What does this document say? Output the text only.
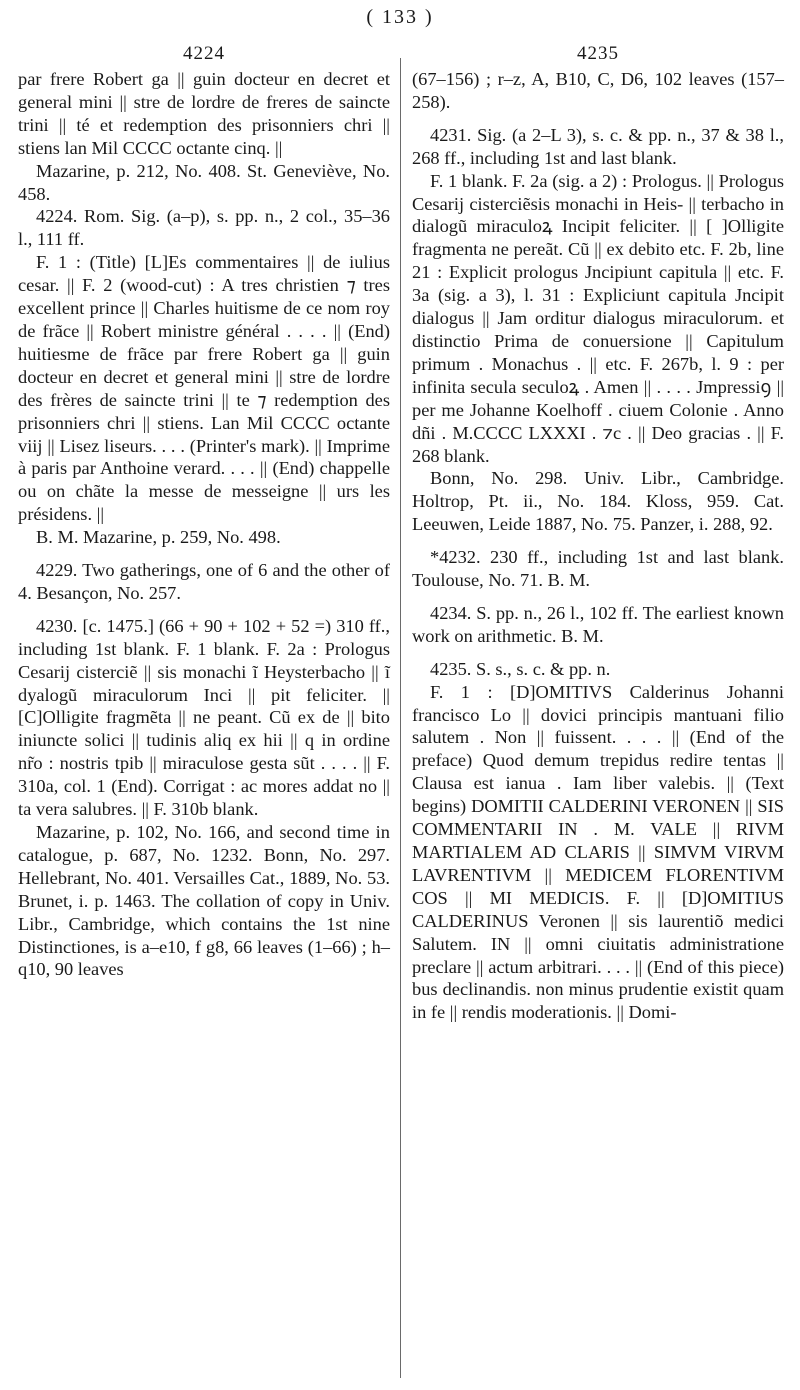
( 133 )
4224

par frere Robert ga || guin docteur en decret et general mini || stre de lordre de freres de saincte trini || té et redemption des prisonniers chri || stiens lan Mil CCCC octante cinq. ||

Mazarine, p. 212, No. 408. St. Geneviève, No. 458.

4224. Rom. Sig. (a–p), s. pp. n., 2 col., 35–36 l., 111 ff.

F. 1 : (Title) [L]Es commentaires || de iulius cesar. || F. 2 (wood-cut) : A tres christien ⁊ tres excellent prince || Charles huitisme de ce nom roy de frãce || Robert ministre général . . . . || (End) huitiesme de frãce par frere Robert ga || guin docteur en decret et general mini || stre de lordre des frères de saincte trini || te ⁊ redemption des prisonniers chri || stiens. Lan Mil CCCC octante viij || Lisez liseurs. . . . (Printer's mark). || Imprime à paris par Anthoine verard. . . . || (End) chappelle ou on chãte la messe de messeigne || urs les présidens. ||

B. M. Mazarine, p. 259, No. 498.

4229. Two gatherings, one of 6 and the other of 4. Besançon, No. 257.

4230. [c. 1475.] (66 + 90 + 102 + 52 =) 310 ff., including 1st blank. F. 1 blank. F. 2a : Prologus Cesarij cisterciẽ || sis monachi ĩ Heysterbacho || ĩ dyalogũ miraculorum Inci || pit feliciter. || [C]Olligite fragmẽta || ne peant. Cũ ex de || bito iniuncte solici || tudinis aliq ex hii || q in ordine nr̃o : nostris tpib || miraculose gesta sũt . . . . || F. 310a, col. 1 (End). Corrigat : ac mores addat no || ta vera salubres. || F. 310b blank.

Mazarine, p. 102, No. 166, and second time in catalogue, p. 687, No. 1232. Bonn, No. 297. Hellebrant, No. 401. Versailles Cat., 1889, No. 53. Brunet, i. p. 1463. The collation of copy in Univ. Libr., Cambridge, which contains the 1st nine Distinctiones, is a–e10, f g8, 66 leaves (1–66) ; h–q10, 90 leaves

4235

(67–156) ; r–z, A, B10, C, D6, 102 leaves (157–258).

4231. Sig. (a 2–L 3), s. c. & pp. n., 37 & 38 l., 268 ff., including 1st and last blank.

F. 1 blank. F. 2a (sig. a 2) : Prologus. || Prologus Cesarij cisterciẽsis monachi in Heis- || terbacho in dialogũ miraculoꝝ Incipit feliciter. || [ ]Olligite fragmenta ne pereãt. Cũ || ex debito etc. F. 2b, line 21 : Explicit prologus Jncipiunt capitula || etc. F. 3a (sig. a 3), l. 31 : Expliciunt capitula Jncipit dialogus || Jam orditur dialogus miraculorum. et distinctio Prima de conuersione || Capitulum primum . Monachus . || etc. F. 267b, l. 9 : per infinita secula seculoꝝ . Amen || . . . . Jmpressiꝯ || per me Johanne Koelhoff . ciuem Colonie . Anno dñi . M.CCCC LXXXI . ⁊c . || Deo gracias . || F. 268 blank.

Bonn, No. 298. Univ. Libr., Cambridge. Holtrop, Pt. ii., No. 184. Kloss, 959. Cat. Leeuwen, Leide 1887, No. 75. Panzer, i. 288, 92.

*4232. 230 ff., including 1st and last blank. Toulouse, No. 71. B. M.

4234. S. pp. n., 26 l., 102 ff. The earliest known work on arithmetic. B. M.

4235. S. s., s. c. & pp. n.

F. 1 : [D]OMITIVS Calderinus Johanni francisco Lo || dovici principis mantuani filio salutem . Non || fuissent. . . . || (End of the preface) Quod demum trepidus redire tentas || Clausa est ianua . Iam liber valebis. || (Text begins) DOMITII CALDERINI VERONEN || SIS COMMENTARII IN . M. VALE || RIVM MARTIALEM AD CLARIS || SIMVM VIRVM LAVRENTIVM || MEDICEM FLORENTIVM COS || MI MEDICIS. F. || [D]OMITIUS CALDERINUS Veronen || sis laurentiõ medici Salutem. IN || omni ciuitatis administratione preclare || actum arbitrari. . . . || (End of this piece) bus declinandis. non minus prudentie existit quam in fe || rendis moderationis. || Domi-
